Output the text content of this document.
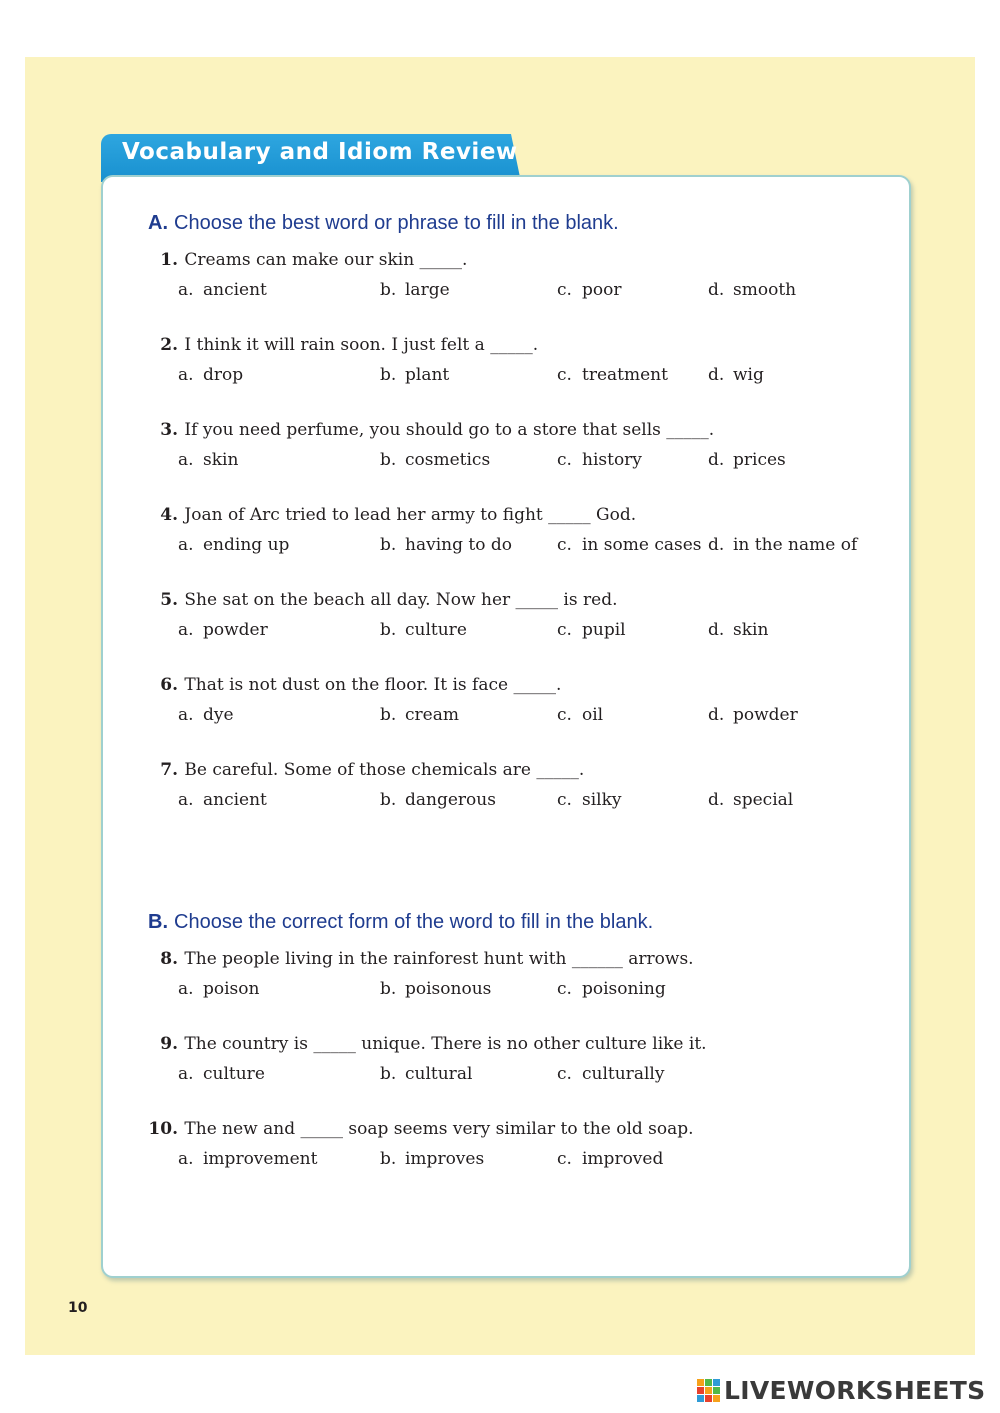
Vocabulary and Idiom Review
A. Choose the best word or phrase to fill in the blank.
1. Creams can make our skin _____.
a. ancient	b. large	c. poor	d. smooth
2. I think it will rain soon. I just felt a _____.
a. drop	b. plant	c. treatment d. wig
3. If you need perfume, you should go to a store that sells _____.
a. skin	b. cosmetics	c. history	d. prices
4. Joan of Arc tried to lead her army to fight _____ God.
a. ending up	b. having to do	c. in some cases d. in the name of
5. She sat on the beach all day. Now her _____ is red.
a. powder	b. culture	c. pupil	d. skin
6. That is not dust on the floor. It is face _____.
a. dye	b. cream	c. oil	d. powder
7. Be careful. Some of those chemicals are _____.
a. ancient	b. dangerous	c. silky	d. special
B. Choose the correct form of the word to fill in the blank.
8. The people living in the rainforest hunt with ______ arrows.
a. poison	b. poisonous	c. poisoning
9. The country is _____ unique. There is no other culture like it.
a. culture	b. cultural	c. culturally
10. The new and _____ soap seems very similar to the old soap.
a. improvement	b. improves	c. improved
10
LIVEWORKSHEETS
